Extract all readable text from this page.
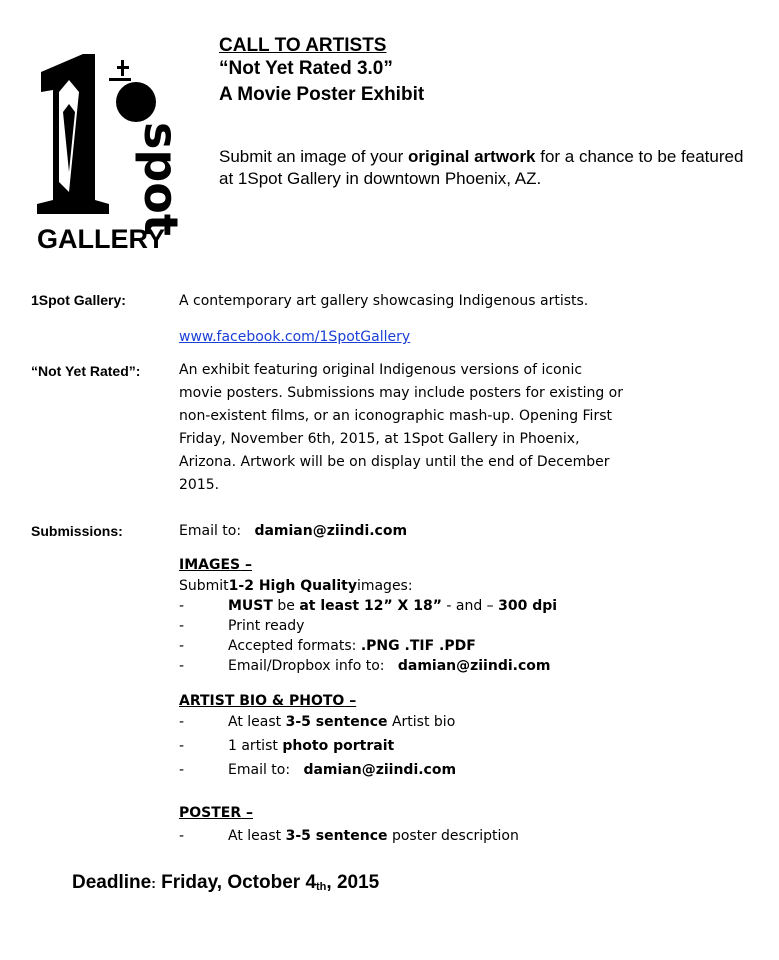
spot
GALLERY
CALL TO ARTISTS
“Not Yet Rated 3.0”
A Movie Poster Exhibit
Submit an image of your original artwork for a chance to be featured at 1Spot Gallery in downtown Phoenix, AZ.
1Spot Gallery:	A contemporary art gallery showcasing Indigenous artists.
www.facebook.com/1SpotGallery
“Not Yet Rated”:	An exhibit featuring original Indigenous versions of iconic
movie posters. Submissions may include posters for existing or
non-existent films, or an iconographic mash-up. Opening First
Friday, November 6th, 2015, at 1Spot Gallery in Phoenix,
Arizona. Artwork will be on display until the end of December
2015.
Submissions:	Email to: damian@ziindi.com
IMAGES –
Submit 1-2 High Quality images:
-	MUST be at least 12” X 18” - and – 300 dpi
-	Print ready
-	Accepted formats: .PNG .TIF .PDF
-	Email/Dropbox info to: damian@ziindi.com
ARTIST BIO & PHOTO –
-	At least 3-5 sentence Artist bio
-	1 artist photo portrait
-	Email to: damian@ziindi.com
POSTER –
-	At least 3-5 sentence poster description
Deadline: Friday, October $4_{th}$, 2015
